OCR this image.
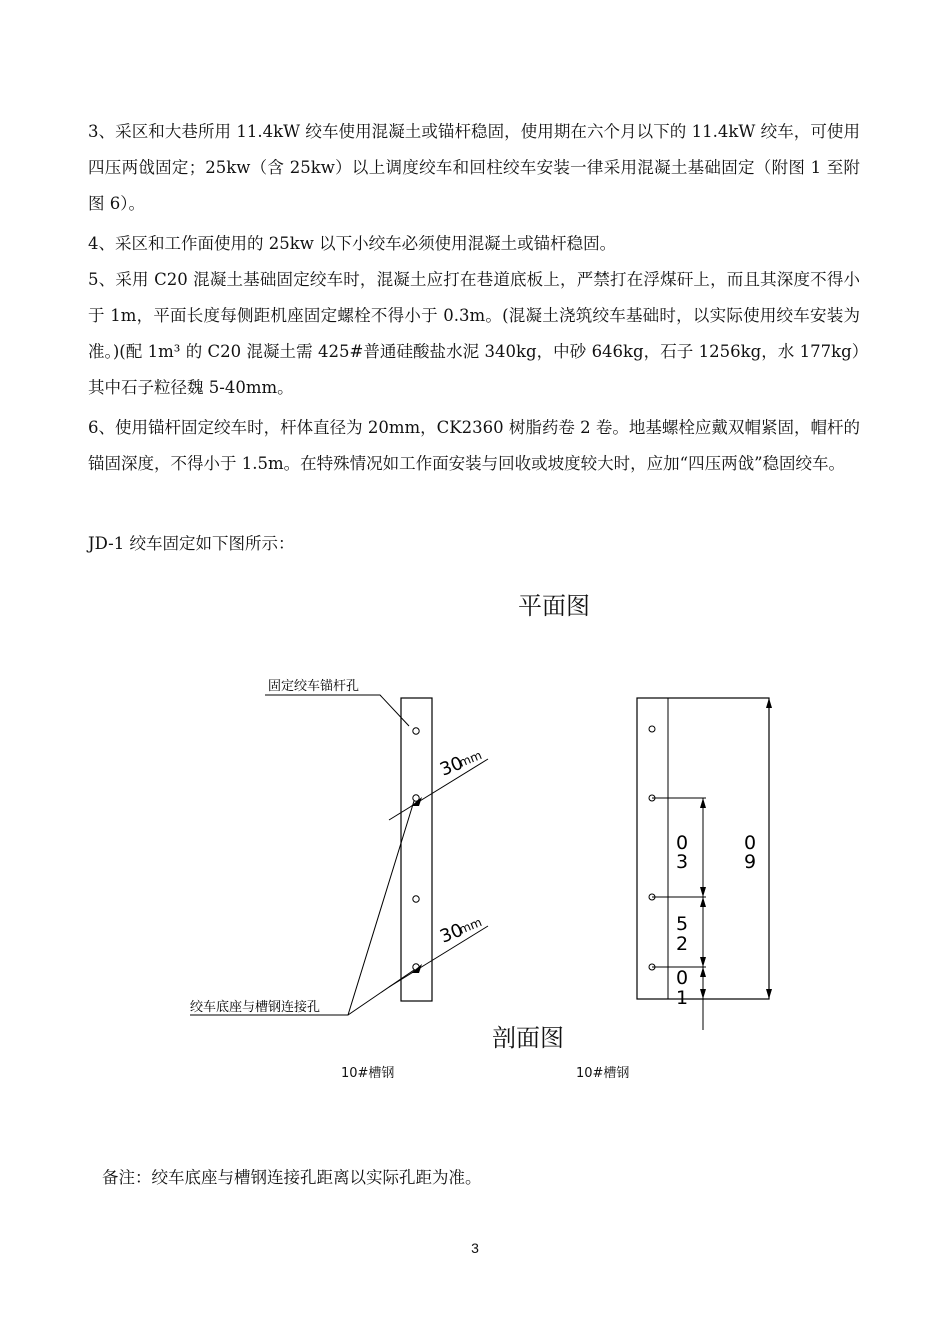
3、采区和大巷所用 11.4kW 绞车使用混凝土或锚杆稳固，使用期在六个月以下的 11.4kW 绞车，可使用四压两戗固定；25kw（含 25kw）以上调度绞车和回柱绞车安装一律采用混凝土基础固定（附图 1 至附图 6）。

4、采区和工作面使用的 25kw 以下小绞车必须使用混凝土或锚杆稳固。

5、采用 C20 混凝土基础固定绞车时，混凝土应打在巷道底板上，严禁打在浮煤矸上，而且其深度不得小于 1m，平面长度每侧距机座固定螺栓不得小于 0.3m。(混凝土浇筑绞车基础时，以实际使用绞车安装为准。)(配 1m³ 的 C20 混凝土需 425#普通硅酸盐水泥 340kg，中砂 646kg，石子 1256kg，水 177kg）其中石子粒径魏 5-40mm。

6、使用锚杆固定绞车时，杆体直径为 20mm，CK2360 树脂药卷 2 卷。地基螺栓应戴双帽紧固，帽杆的锚固深度，不得小于 1.5m。在特殊情况如工作面安装与回收或坡度较大时，应加“四压两戗”稳固绞车。

JD-1 绞车固定如下图所示：
平面图
固定绞车锚杆孔
30
mm
30
mm
绞车底座与槽钢连接孔
0
3
5
2
0
1
0
9
剖面图
10#槽钢	10#槽钢
备注：绞车底座与槽钢连接孔距离以实际孔距为准。
3
